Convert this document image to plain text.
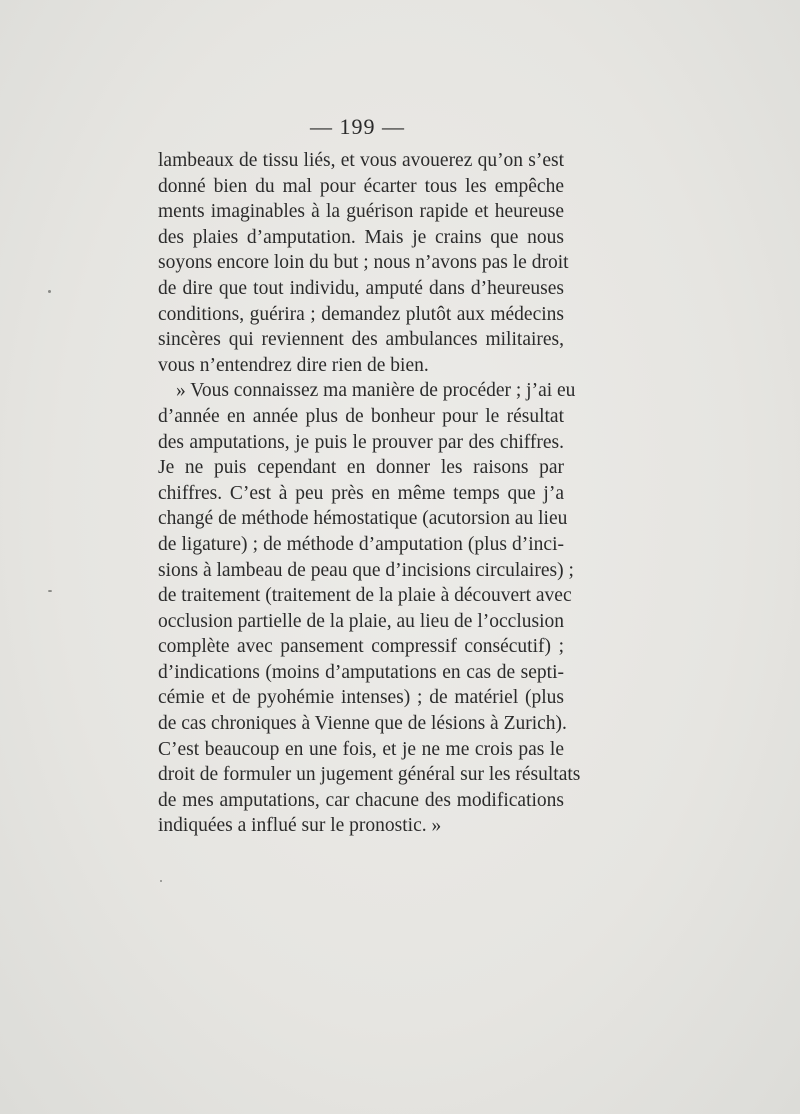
— 199 —
lambeaux de tissu liés, et vous avouerez qu’on s’est
donné bien du mal pour écarter tous les empêche
ments imaginables à la guérison rapide et heureuse
des plaies d’amputation. Mais je crains que nous
soyons encore loin du but ; nous n’avons pas le droit
de dire que tout individu, amputé dans d’heureuses
conditions, guérira ; demandez plutôt aux médecins
sincères qui reviennent des ambulances militaires,
vous n’entendrez dire rien de bien.
» Vous connaissez ma manière de procéder ; j’ai eu
d’année en année plus de bonheur pour le résultat
des amputations, je puis le prouver par des chiffres.
Je ne puis cependant en donner les raisons par
chiffres. C’est à peu près en même temps que j’a
changé de méthode hémostatique (acutorsion au lieu
de ligature) ; de méthode d’amputation (plus d’inci-
sions à lambeau de peau que d’incisions circulaires) ;
de traitement (traitement de la plaie à découvert avec
occlusion partielle de la plaie, au lieu de l’occlusion
complète avec pansement compressif consécutif) ;
d’indications (moins d’amputations en cas de septi-
cémie et de pyohémie intenses) ; de matériel (plus
de cas chroniques à Vienne que de lésions à Zurich).
C’est beaucoup en une fois, et je ne me crois pas le
droit de formuler un jugement général sur les résultats
de mes amputations, car chacune des modifications
indiquées a influé sur le pronostic. »
